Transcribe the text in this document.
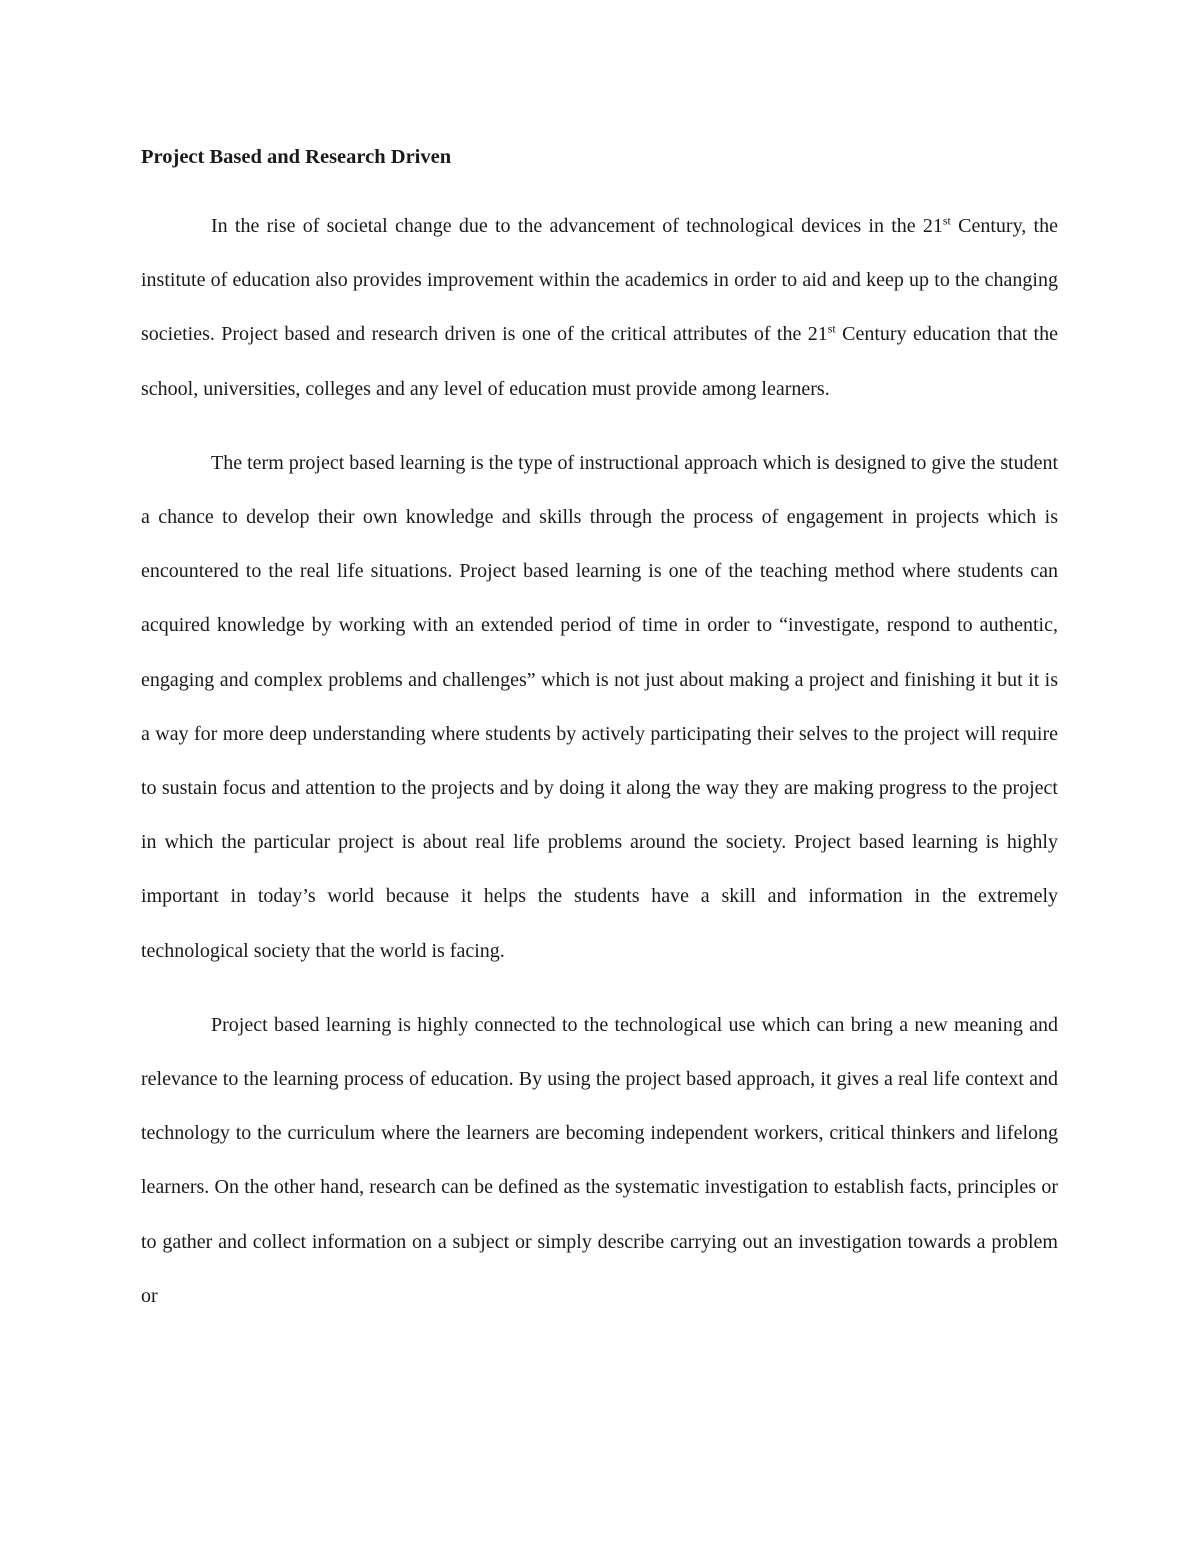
Project Based and Research Driven

In the rise of societal change due to the advancement of technological devices in the 21st Century, the institute of education also provides improvement within the academics in order to aid and keep up to the changing societies. Project based and research driven is one of the critical attributes of the 21st Century education that the school, universities, colleges and any level of education must provide among learners.

The term project based learning is the type of instructional approach which is designed to give the student a chance to develop their own knowledge and skills through the process of engagement in projects which is encountered to the real life situations. Project based learning is one of the teaching method where students can acquired knowledge by working with an extended period of time in order to “investigate, respond to authentic, engaging and complex problems and challenges” which is not just about making a project and finishing it but it is a way for more deep understanding where students by actively participating their selves to the project will require to sustain focus and attention to the projects and by doing it along the way they are making progress to the project in which the particular project is about real life problems around the society. Project based learning is highly important in today’s world because it helps the students have a skill and information in the extremely technological society that the world is facing.

Project based learning is highly connected to the technological use which can bring a new meaning and relevance to the learning process of education. By using the project based approach, it gives a real life context and technology to the curriculum where the learners are becoming independent workers, critical thinkers and lifelong learners. On the other hand, research can be defined as the systematic investigation to establish facts, principles or to gather and collect information on a subject or simply describe carrying out an investigation towards a problem or
